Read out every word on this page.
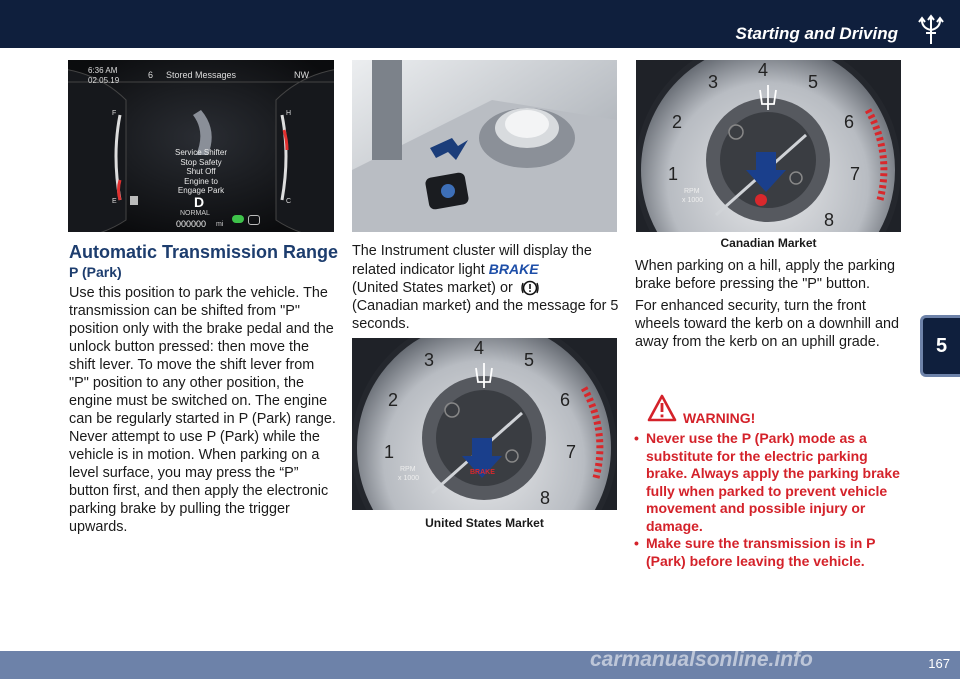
Starting and Driving
5
6:36 AM
02.05.19
6 Stored Messages	NW
F
E
H
C
Service Shifter
Stop Safety
Shut Off
Engine to
Engage Park
D
NORMAL
000000 mi
Automatic Transmission Range
P (Park)

Use this position to park the vehicle. The transmission can be shifted from "P" position only with the brake pedal and the unlock button pressed: then move the shift lever. To move the shift lever from "P" position to any other position, the engine must be switched on. The engine can be regularly started in P (Park) range. Never attempt to use P (Park) while the vehicle is in motion. When parking on a level surface, you may press the “P” button first, and then apply the electronic parking brake by pulling the trigger upwards.

The Instrument cluster will display the related indicator light BRAKE
(United States market) or
(Canadian market) and the message for 5 seconds.

1
2
3
4
5
6
7
8
RPM
x 1000
BRAKE
United States Market
1
2
3
4
5
6
7
8
RPM
x 1000
Canadian Market

When parking on a hill, apply the parking brake before pressing the "P" button.

For enhanced security, turn the front wheels toward the kerb on a downhill and away from the kerb on an uphill grade.

WARNING!
• Never use the P (Park) mode as a substitute for the electric parking brake. Always apply the parking brake fully when parked to prevent vehicle movement and possible injury or damage.
• Make sure the transmission is in P (Park) before leaving the vehicle.
carmanualsonline.info	167
